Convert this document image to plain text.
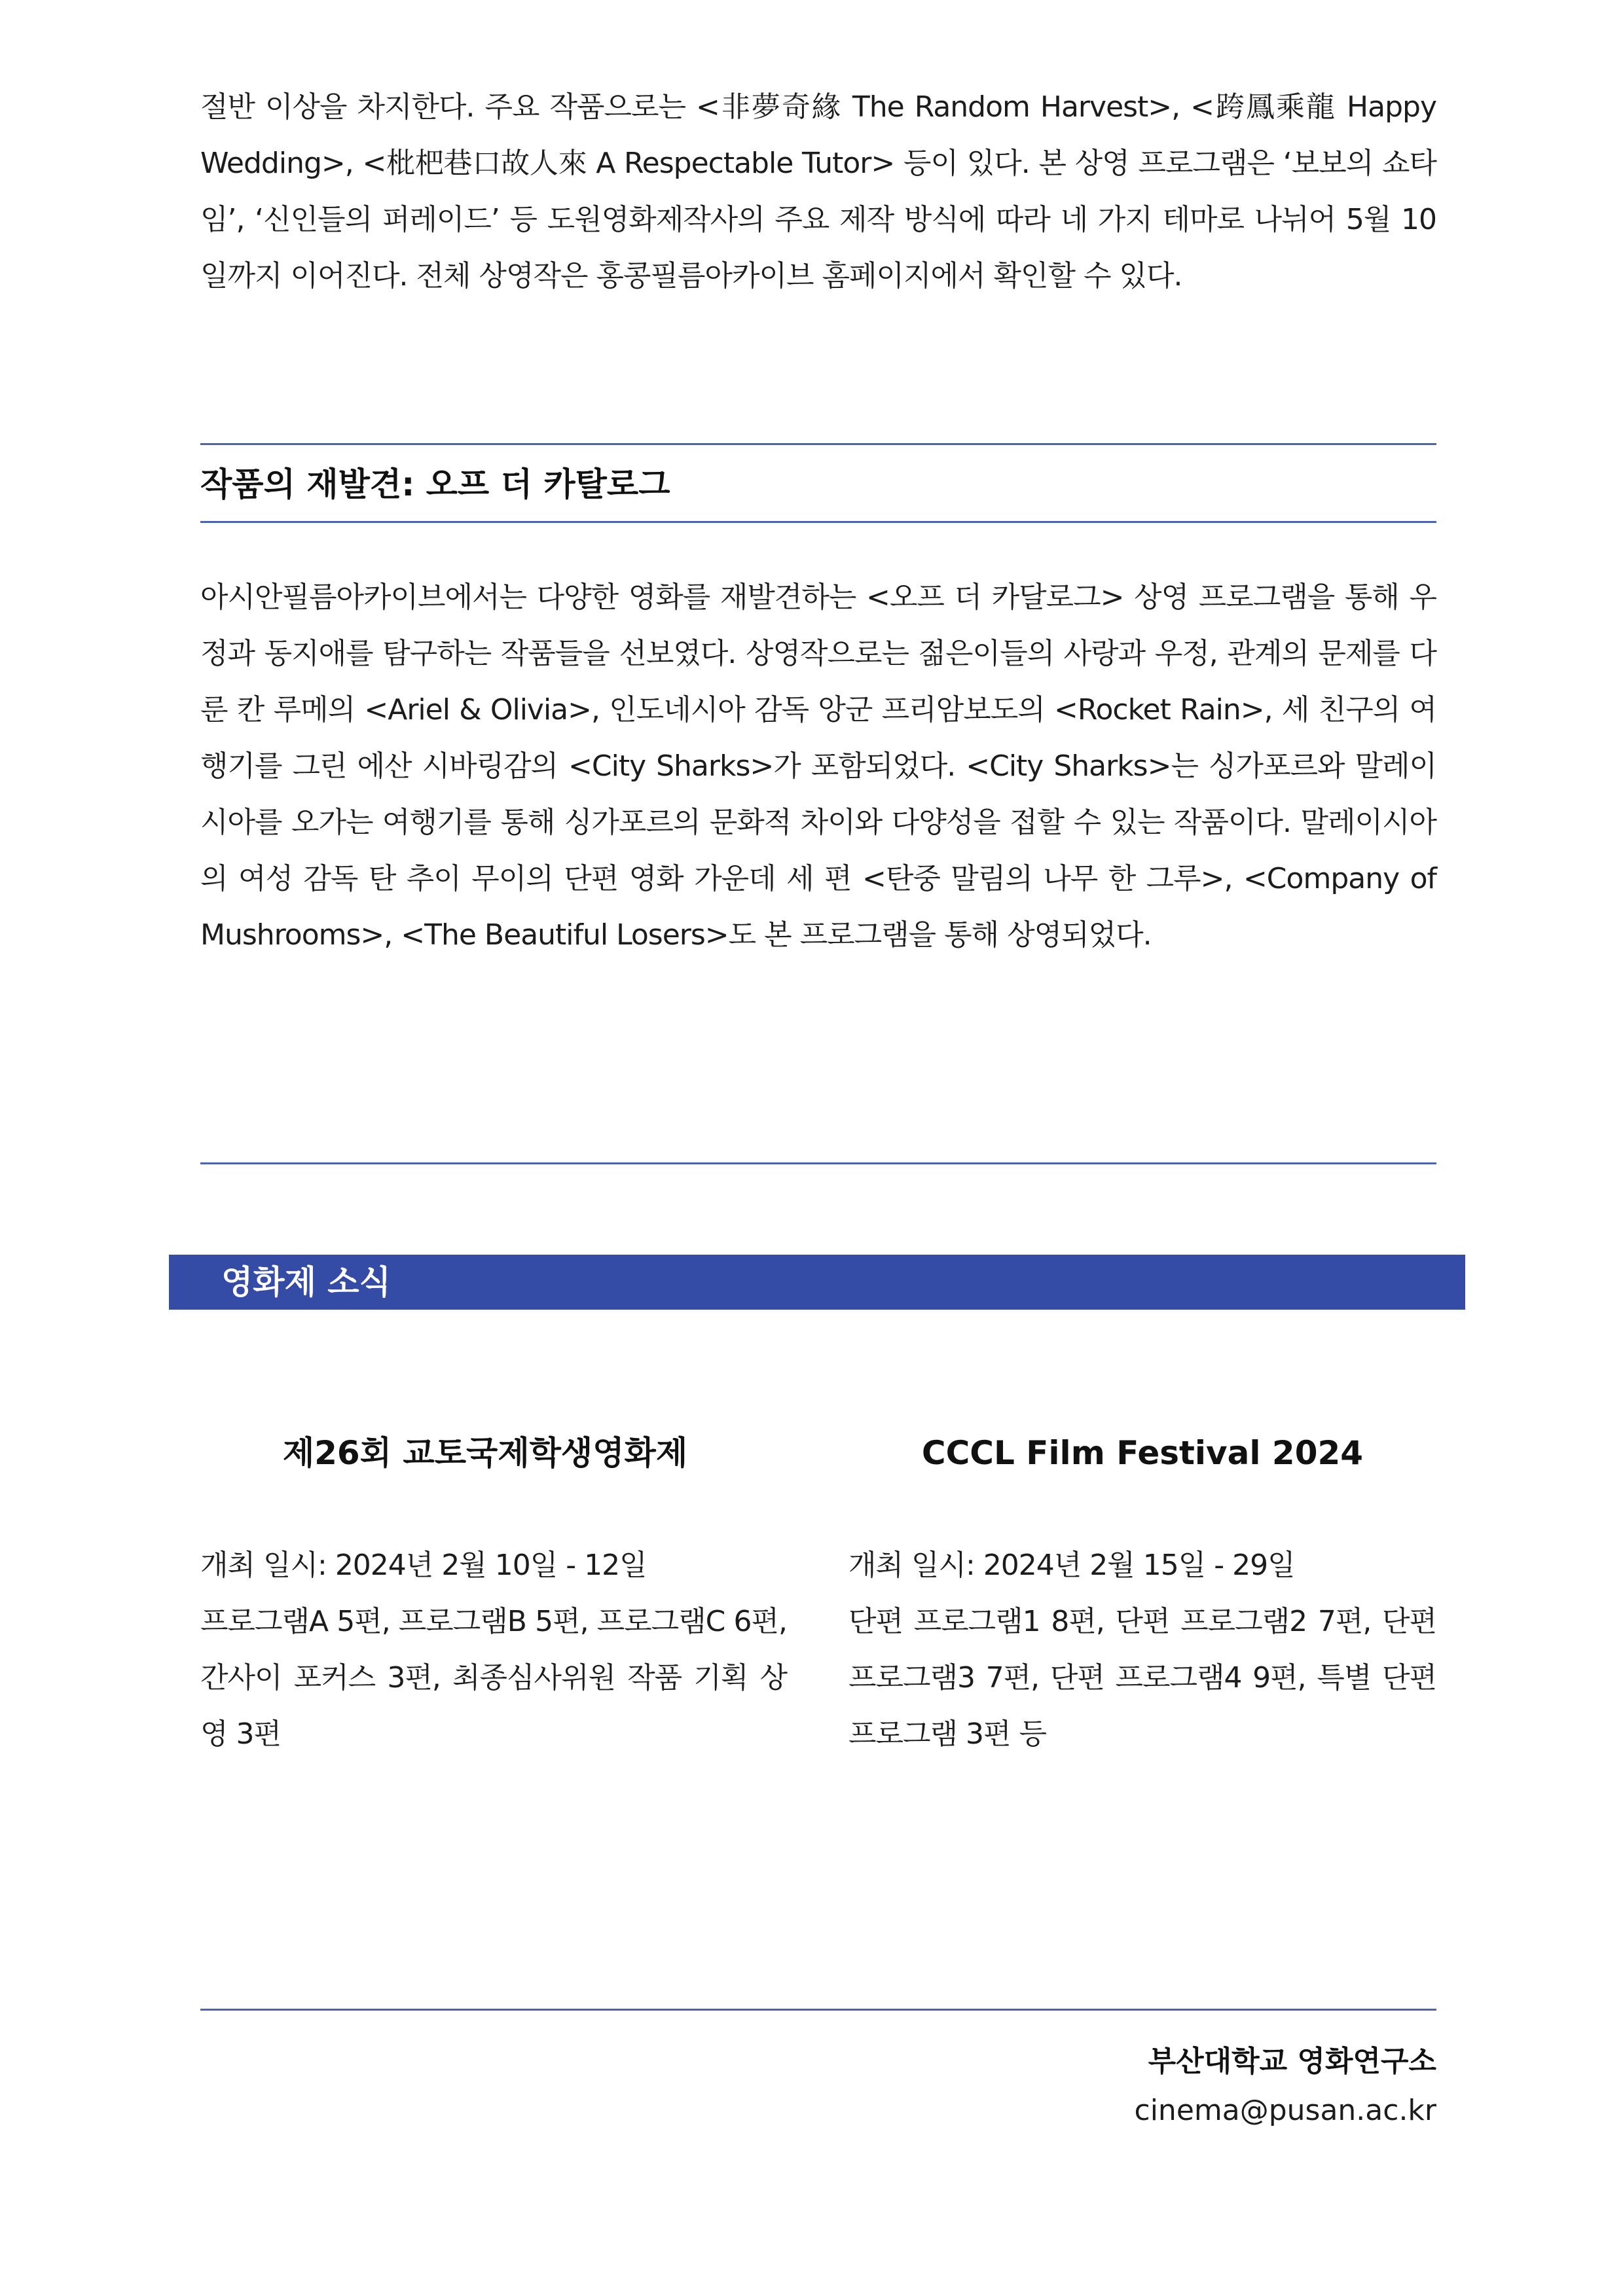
절반 이상을 차지한다. 주요 작품으로는 <非夢奇緣 The Random Harvest>, <跨鳳乘龍 Happy Wedding>, <枇杷巷口故人來 A Respectable Tutor> 등이 있다. 본 상영 프로그램은 ‘보보의 쇼타임’, ‘신인들의 퍼레이드’ 등 도원영화제작사의 주요 제작 방식에 따라 네 가지 테마로 나뉘어 5월 10일까지 이어진다. 전체 상영작은 홍콩필름아카이브 홈페이지에서 확인할 수 있다.

작품의 재발견: 오프 더 카탈로그

아시안필름아카이브에서는 다양한 영화를 재발견하는 <오프 더 카달로그> 상영 프로그램을 통해 우정과 동지애를 탐구하는 작품들을 선보였다. 상영작으로는 젊은이들의 사랑과 우정, 관계의 문제를 다룬 칸 루메의 <Ariel & Olivia>, 인도네시아 감독 앙군 프리암보도의 <Rocket Rain>, 세 친구의 여행기를 그린 에산 시바링감의 <City Sharks>가 포함되었다. <City Sharks>는 싱가포르와 말레이시아를 오가는 여행기를 통해 싱가포르의 문화적 차이와 다양성을 접할 수 있는 작품이다. 말레이시아의 여성 감독 탄 추이 무이의 단편 영화 가운데 세 편 <탄중 말림의 나무 한 그루>, <Company of Mushrooms>, <The Beautiful Losers>도 본 프로그램을 통해 상영되었다.

영화제 소식
제26회 교토국제학생영화제	CCCL Film Festival 2024

개최 일시: 2024년 2월 10일 - 12일

프로그램A 5편, 프로그램B 5편, 프로그램C 6편, 간사이 포커스 3편, 최종심사위원 작품 기획 상영 3편

개최 일시: 2024년 2월 15일 - 29일

단편 프로그램1 8편, 단편 프로그램2 7편, 단편 프로그램3 7편, 단편 프로그램4 9편, 특별 단편 프로그램 3편 등

부산대학교 영화연구소
cinema@pusan.ac.kr
